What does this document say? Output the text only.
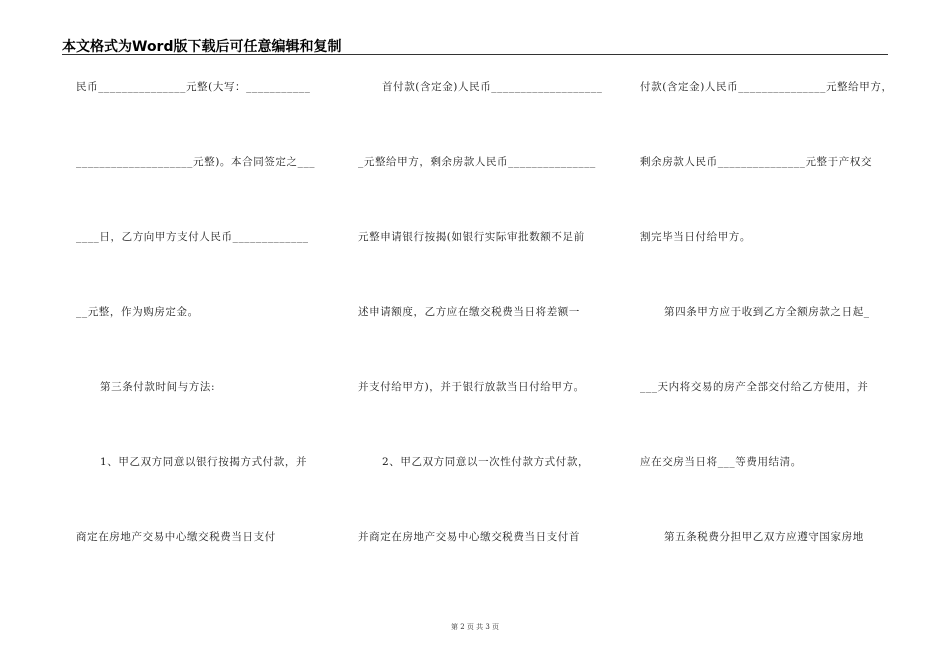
本文格式为Word版下载后可任意编辑和复制
民币_______________元整(大写：___________
____________________元整)。本合同签定之___
____日，乙方向甲方支付人民币_____________
__元整，作为购房定金。
第三条付款时间与方法:
1、甲乙双方同意以银行按揭方式付款，并
商定在房地产交易中心缴交税费当日支付
首付款(含定金)人民币___________________
_元整给甲方，剩余房款人民币_______________
元整申请银行按揭(如银行实际审批数额不足前
述申请额度，乙方应在缴交税费当日将差额一
并支付给甲方)，并于银行放款当日付给甲方。
2、甲乙双方同意以一次性付款方式付款，
并商定在房地产交易中心缴交税费当日支付首
付款(含定金)人民币_______________元整给甲方，
剩余房款人民币_______________元整于产权交
割完毕当日付给甲方。
第四条甲方应于收到乙方全额房款之日起_
___天内将交易的房产全部交付给乙方使用，并
应在交房当日将___等费用结清。
第五条税费分担甲乙双方应遵守国家房地
第 2 页 共 3 页
